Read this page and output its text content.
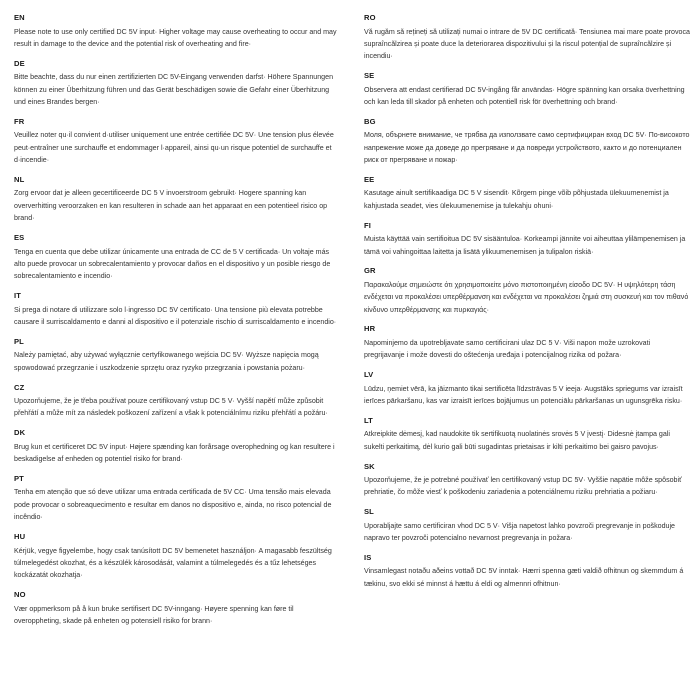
EN
Please note to use only certified DC 5V input· Higher voltage may cause overheating to occur and may result in damage to the device and the potential risk of overheating and fire·
DE
Bitte beachte, dass du nur einen zertifizierten DC 5V-Eingang verwenden darfst· Höhere Spannungen können zu einer Überhitzung führen und das Gerät beschädigen sowie die Gefahr einer Überhitzung und eines Brandes bergen·
FR
Veuillez noter qu·il convient d·utiliser uniquement une entrée certifiée DC 5V· Une tension plus élevée peut·entraîner une surchauffe et endommager l·appareil, ainsi qu·un risque potentiel de surchauffe et d·incendie·
NL
Zorg ervoor dat je alleen gecertificeerde DC 5 V invoerstroom gebruikt· Hogere spanning kan oververhitting veroorzaken en kan resulteren in schade aan het apparaat en een potentieel risico op brand·
ES
Tenga en cuenta que debe utilizar únicamente una entrada de CC de 5 V certificada· Un voltaje más alto puede provocar un sobrecalentamiento y provocar daños en el dispositivo y un posible riesgo de sobrecalentamiento e incendio·
IT
Si prega di notare di utilizzare solo l·ingresso DC 5V certificato· Una tensione più elevata potrebbe causare il surriscaldamento e danni al dispositivo e il potenziale rischio di surriscaldamento e incendio·
PL
Należy pamiętać, aby używać wyłącznie certyfikowanego wejścia DC 5V· Wyższe napięcia mogą spowodować przegrzanie i uszkodzenie sprzętu oraz ryzyko przegrzania i powstania pożaru·
CZ
Upozorňujeme, že je třeba používat pouze certifikovaný vstup DC 5 V· Vyšší napětí může způsobit přehřátí a může mít za následek poškození zařízení a však k potenciálnímu riziku přehřátí a požáru·
DK
Brug kun et certificeret DC 5V input· Højere spænding kan forårsage overophedning og kan resultere i beskadigelse af enheden og potentiel risiko for brand·
PT
Tenha em atenção que só deve utilizar uma entrada certificada de 5V CC· Uma tensão mais elevada pode provocar o sobreaquecimento e resultar em danos no dispositivo e, ainda, no risco potencial de incêndio·
HU
Kérjük, vegye figyelembe, hogy csak tanúsított DC 5V bemenetet használjon· A magasabb feszültség túlmelegedést okozhat, és a készülék károsodását, valamint a túlmelegedés és a tűz lehetséges kockázatát okozhatja·
NO
Vær oppmerksom på å kun bruke sertifisert DC 5V-inngang· Høyere spenning kan føre til overoppheting, skade på enheten og potensiell risiko for brann·
RO
Vă rugăm să rețineți să utilizați numai o intrare de 5V DC certificată· Tensiunea mai mare poate provoca supraîncălzirea și poate duce la deteriorarea dispozitivului și la riscul potențial de supraîncălzire și incendiu·
SE
Observera att endast certifierad DC 5V-ingång får användas· Högre spänning kan orsaka överhettning och kan leda till skador på enheten och potentiell risk för överhettning och brand·
BG
Моля, обърнете внимание, че трябва да използвате само сертифициран вход DC 5V· По-високото напрежение може да доведе до прегряване и да повреди устройството, както и до потенциален риск от прегряване и пожар·
EE
Kasutage ainult sertifikaadiga DC 5 V sisendit· Kõrgem pinge võib põhjustada ülekuumenemist ja kahjustada seadet, vies ülekuumenemise ja tulekahju ohuni·
FI
Muista käyttää vain sertifioitua DC 5V sisääntuloa· Korkeampi jännite voi aiheuttaa ylilämpenemisen ja tämä voi vahingoittaa laitetta ja lisätä ylikuumenemisen ja tulipalon riskiä·
GR
Παρακαλούμε σημειώστε ότι χρησιμοποιείτε μόνο πιστοποιημένη είσοδο DC 5V· Η υψηλότερη τάση ενδέχεται να προκαλέσει υπερθέρμανση και ενδέχεται να προκαλέσει ζημιά στη συσκευή και τον πιθανό κίνδυνο υπερθέρμανσης και πυρκαγιάς·
HR
Napominjemo da upotrebljavate samo certificirani ulaz DC 5 V· Viši napon može uzrokovati pregrijavanje i može dovesti do oštećenja uređaja i potencijalnog rizika od požara·
LV
Lūdzu, ņemiet vērā, ka jāizmanto tikai sertificēta līdzstrāvas 5 V ieeja· Augstāks spriegums var izraisīt ierīces pārkaršanu, kas var izraisīt ierīces bojājumus un potenciālu pārkaršanas un ugunsgrēka risku·
LT
Atkreipkite dėmesį, kad naudokite tik sertifikuotą nuolatinės srovės 5 V įvestį· Didesnė įtampa gali sukelti perkaitimą, dėl kurio gali būti sugadintas prietaisas ir kilti perkaitimo bei gaisro pavojus·
SK
Upozorňujeme, že je potrebné používať len certifikovaný vstup DC 5V· Vyššie napätie môže spôsobiť prehriatie, čo môže viesť k poškodeniu zariadenia a potenciálnemu riziku prehriatia a požiaru·
SL
Uporabljajte samo certificiran vhod DC 5 V· Višja napetost lahko povzroči pregrevanje in poškoduje napravo ter povzroči potencialno nevarnost pregrevanja in požara·
IS
Vinsamlegast notaðu aðeins vottað DC 5V inntak· Hærri spenna gæti valdið ofhitnun og skemmdum á tækinu, svo ekki sé minnst á hættu á eldi og almennri ofhitnun·
